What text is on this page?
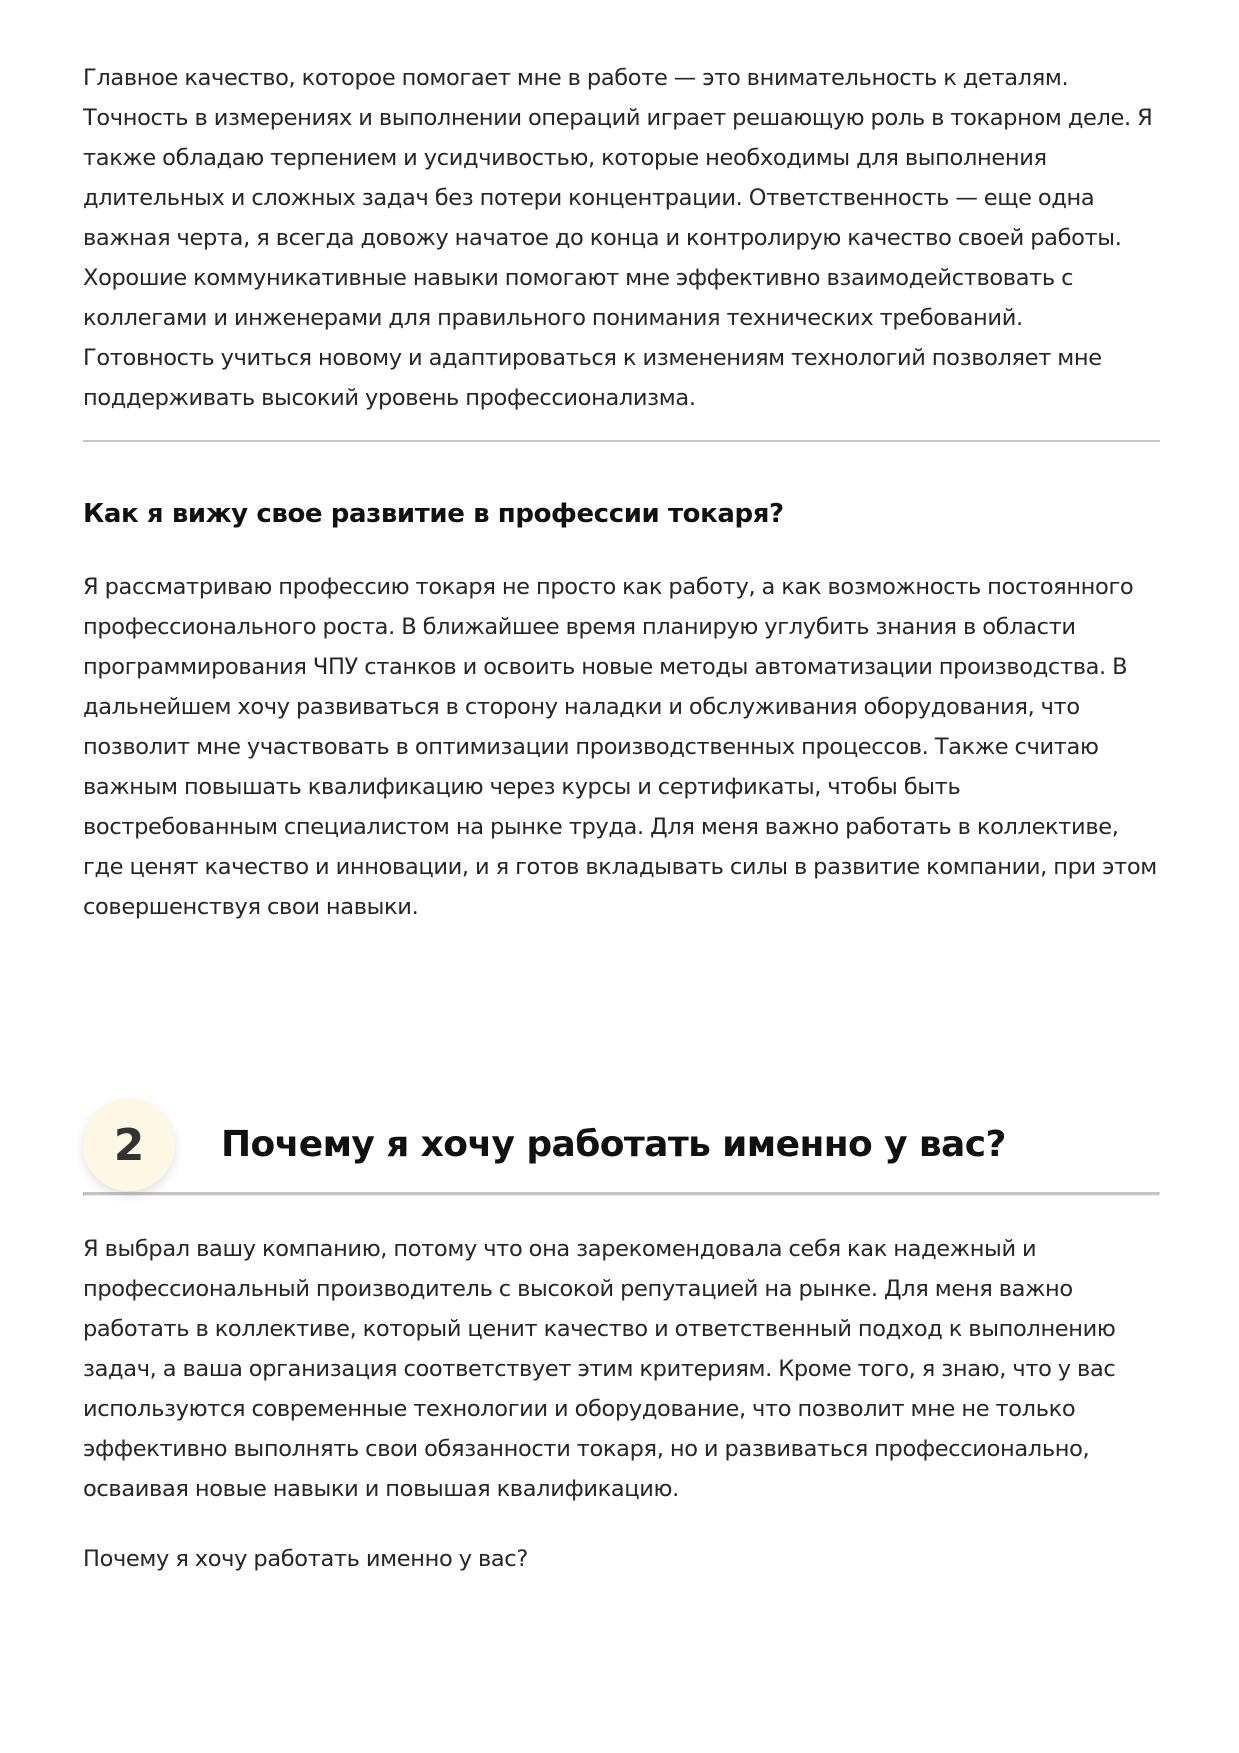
Главное качество, которое помогает мне в работе — это внимательность к деталям. Точность в измерениях и выполнении операций играет решающую роль в токарном деле. Я также обладаю терпением и усидчивостью, которые необходимы для выполнения длительных и сложных задач без потери концентрации. Ответственность — еще одна важная черта, я всегда довожу начатое до конца и контролирую качество своей работы. Хорошие коммуникативные навыки помогают мне эффективно взаимодействовать с коллегами и инженерами для правильного понимания технических требований. Готовность учиться новому и адаптироваться к изменениям технологий позволяет мне поддерживать высокий уровень профессионализма.

Как я вижу свое развитие в профессии токаря?

Я рассматриваю профессию токаря не просто как работу, а как возможность постоянного профессионального роста. В ближайшее время планирую углубить знания в области программирования ЧПУ станков и освоить новые методы автоматизации производства. В дальнейшем хочу развиваться в сторону наладки и обслуживания оборудования, что позволит мне участвовать в оптимизации производственных процессов. Также считаю важным повышать квалификацию через курсы и сертификаты, чтобы быть востребованным специалистом на рынке труда. Для меня важно работать в коллективе, где ценят качество и инновации, и я готов вкладывать силы в развитие компании, при этом совершенствуя свои навыки.

2	Почему я хочу работать именно у вас?

Я выбрал вашу компанию, потому что она зарекомендовала себя как надежный и профессиональный производитель с высокой репутацией на рынке. Для меня важно работать в коллективе, который ценит качество и ответственный подход к выполнению задач, а ваша организация соответствует этим критериям. Кроме того, я знаю, что у вас используются современные технологии и оборудование, что позволит мне не только эффективно выполнять свои обязанности токаря, но и развиваться профессионально, осваивая новые навыки и повышая квалификацию.

Почему я хочу работать именно у вас?
